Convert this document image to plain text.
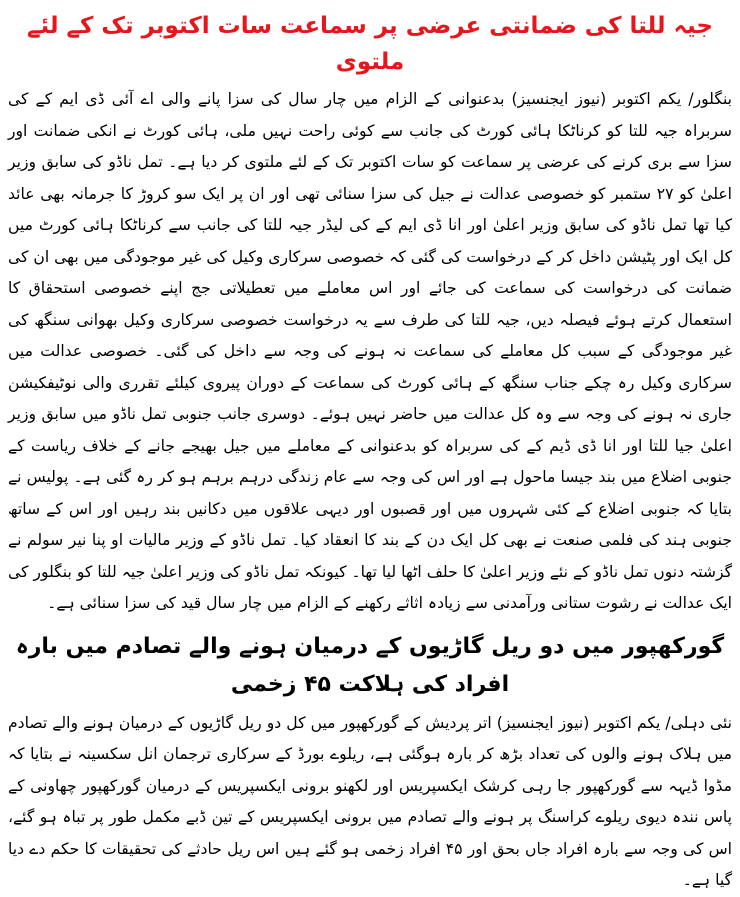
جیہ للتا کی ضمانتی عرضی پر سماعت سات اکتوبر تک کے لئے ملتوی

بنگلور/ یکم اکتوبر (نیوز ایجنسیز) بدعنوانی کے الزام میں چار سال کی سزا پانے والی اے آئی ڈی ایم کے کی سربراہ جیہ للتا کو کرناٹکا ہائی کورٹ کی جانب سے کوئی راحت نہیں ملی، ہائی کورٹ نے انکی ضمانت اور سزا سے بری کرنے کی عرضی پر سماعت کو سات اکتوبر تک کے لئے ملتوی کر دیا ہے۔ تمل ناڈو کی سابق وزیر اعلیٰ کو ۲۷ ستمبر کو خصوصی عدالت نے جیل کی سزا سنائی تھی اور ان پر ایک سو کروڑ کا جرمانہ بھی عائد کیا تھا تمل ناڈو کی سابق وزیر اعلیٰ اور انا ڈی ایم کے کی لیڈر جیہ للتا کی جانب سے کرناٹکا ہائی کورٹ میں کل ایک اور پٹیشن داخل کر کے درخواست کی گئی کہ خصوصی سرکاری وکیل کی غیر موجودگی میں بھی ان کی ضمانت کی درخواست کی سماعت کی جائے اور اس معاملے میں تعطیلاتی جج اپنے خصوصی استحقاق کا استعمال کرتے ہوئے فیصلہ دیں، جیہ للتا کی طرف سے یہ درخواست خصوصی سرکاری وکیل بھوانی سنگھ کی غیر موجودگی کے سبب کل معاملے کی سماعت نہ ہونے کی وجہ سے داخل کی گئی۔ خصوصی عدالت میں سرکاری وکیل رہ چکے جناب سنگھ کے ہائی کورٹ کی سماعت کے دوران پیروی کیلئے تقرری والی نوٹیفکیشن جاری نہ ہونے کی وجہ سے وہ کل عدالت میں حاضر نہیں ہوئے۔ دوسری جانب جنوبی تمل ناڈو میں سابق وزیر اعلیٰ جیا للتا اور انا ڈی ڈیم کے کی سربراہ کو بدعنوانی کے معاملے میں جیل بھیجے جانے کے خلاف ریاست کے جنوبی اضلاع میں بند جیسا ماحول ہے اور اس کی وجہ سے عام زندگی درہم برہم ہو کر رہ گئی ہے۔ پولیس نے بتایا کہ جنوبی اضلاع کے کئی شہروں میں اور قصبوں اور دیہی علاقوں میں دکانیں بند رہیں اور اس کے ساتھ جنوبی ہند کی فلمی صنعت نے بھی کل ایک دن کے بند کا انعقاد کیا۔ تمل ناڈو کے وزیر مالیات او پنا نیر سولم نے گزشتہ دنوں تمل ناڈو کے نئے وزیر اعلیٰ کا حلف اٹھا لیا تھا۔ کیونکہ تمل ناڈو کی وزیر اعلیٰ جیہ للتا کو بنگلور کی ایک عدالت نے رشوت ستانی ورآمدنی سے زیادہ اثاثے رکھنے کے الزام میں چار سال قید کی سزا سنائی ہے۔

گورکھپور میں دو ریل گاڑیوں کے درمیان ہونے والے تصادم میں بارہ افراد کی ہلاکت ۴۵ زخمی

نئی دہلی/ یکم اکتوبر (نیوز ایجنسیز) اتر پردیش کے گورکھپور میں کل دو ریل گاڑیوں کے درمیان ہونے والے تصادم میں ہلاک ہونے والوں کی تعداد بڑھ کر بارہ ہوگئی ہے، ریلوے بورڈ کے سرکاری ترجمان انل سکسینہ نے بتایا کہ مڈوا ڈیہہ سے گورکھپور جا رہی کرشک ایکسپریس اور لکھنو برونی ایکسپریس کے درمیان گورکھپور چھاونی کے پاس نندہ دیوی ریلوے کراسنگ پر ہونے والے تصادم میں برونی ایکسپریس کے تین ڈبے مکمل طور پر تباہ ہو گئے، اس کی وجہ سے بارہ افراد جاں بحق اور ۴۵ افراد زخمی ہو گئے ہیں اس ریل حادثے کی تحقیقات کا حکم دے دیا گیا ہے۔
